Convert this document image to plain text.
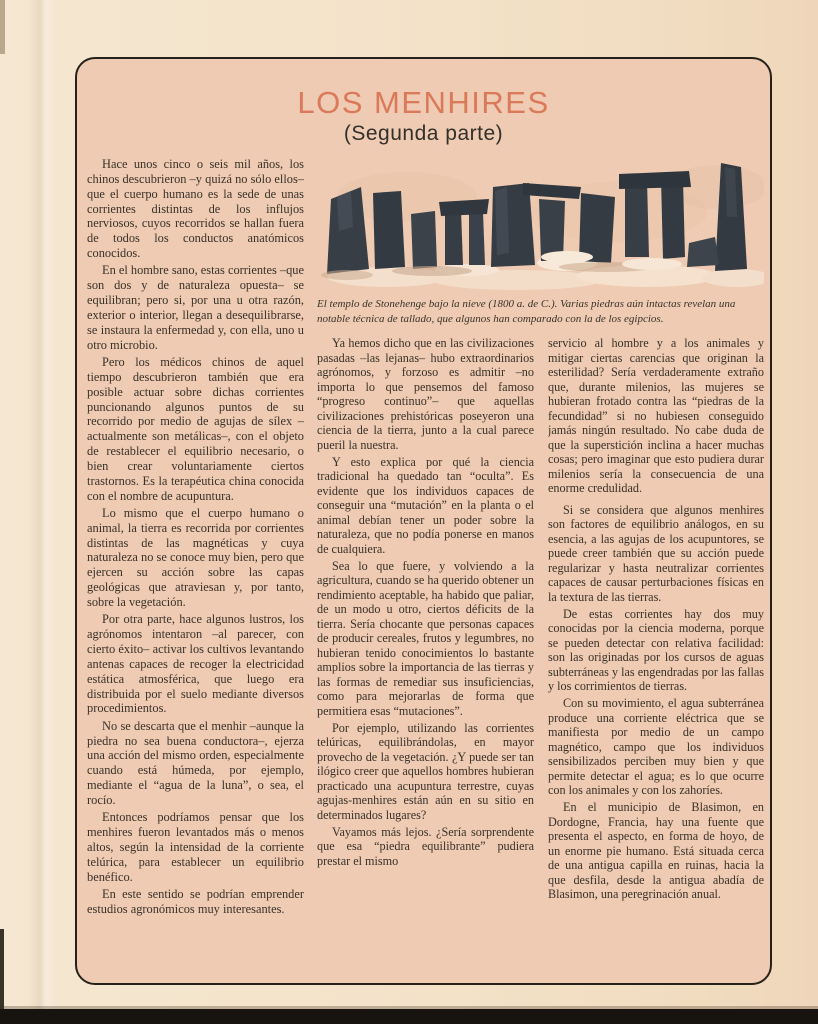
LOS MENHIRES
(Segunda parte)

Hace unos cinco o seis mil años, los chinos descubrieron –y quizá no sólo ellos– que el cuerpo humano es la sede de unas corrientes distintas de los influjos nerviosos, cuyos recorridos se hallan fuera de todos los conductos anatómicos conocidos.

En el hombre sano, estas corrientes –que son dos y de naturaleza opuesta– se equilibran; pero si, por una u otra razón, exterior o interior, llegan a desequilibrarse, se instaura la enfermedad y, con ella, uno u otro microbio.

Pero los médicos chinos de aquel tiempo descubrieron también que era posible actuar sobre dichas corrientes puncionando algunos puntos de su recorrido por medio de agujas de sílex –actualmente son metálicas–, con el objeto de restablecer el equilibrio necesario, o bien crear voluntariamente ciertos trastornos. Es la terapéutica china conocida con el nombre de acupuntura.

Lo mismo que el cuerpo humano o animal, la tierra es recorrida por corrientes distintas de las magnéticas y cuya naturaleza no se conoce muy bien, pero que ejercen su acción sobre las capas geológicas que atraviesan y, por tanto, sobre la vegetación.

Por otra parte, hace algunos lustros, los agrónomos intentaron –al parecer, con cierto éxito– activar los cultivos levantando antenas capaces de recoger la electricidad estática atmosférica, que luego era distribuida por el suelo mediante diversos procedimientos.

No se descarta que el menhir –aunque la piedra no sea buena conductora–, ejerza una acción del mismo orden, especialmente cuando está húmeda, por ejemplo, mediante el “agua de la luna”, o sea, el rocío.

Entonces podríamos pensar que los menhires fueron levantados más o menos altos, según la intensidad de la corriente telúrica, para establecer un equilibrio benéfico.

En este sentido se podrían emprender estudios agronómicos muy interesantes.

El templo de Stonehenge bajo la nieve (1800 a. de C.). Varias piedras aún intactas revelan una notable técnica de tallado, que algunos han comparado con la de los egipcios.

Ya hemos dicho que en las civilizaciones pasadas –las lejanas– hubo extraordinarios agrónomos, y forzoso es admitir –no importa lo que pensemos del famoso “progreso continuo”– que aquellas civilizaciones prehistóricas poseyeron una ciencia de la tierra, junto a la cual parece pueril la nuestra.

Y esto explica por qué la ciencia tradicional ha quedado tan “oculta”. Es evidente que los individuos capaces de conseguir una “mutación” en la planta o el animal debían tener un poder sobre la naturaleza, que no podía ponerse en manos de cualquiera.

Sea lo que fuere, y volviendo a la agricultura, cuando se ha querido obtener un rendimiento aceptable, ha habido que paliar, de un modo u otro, ciertos déficits de la tierra. Sería chocante que personas capaces de producir cereales, frutos y legumbres, no hubieran tenido conocimientos lo bastante amplios sobre la importancia de las tierras y las formas de remediar sus insuficiencias, como para mejorarlas de forma que permitiera esas “mutaciones”.

Por ejemplo, utilizando las corrientes telúricas, equilibrándolas, en mayor provecho de la vegetación. ¿Y puede ser tan ilógico creer que aquellos hombres hubieran practicado una acupuntura terrestre, cuyas agujas-menhires están aún en su sitio en determinados lugares?

Vayamos más lejos. ¿Sería sorprendente que esa “piedra equilibrante” pudiera prestar el mismo

servicio al hombre y a los animales y mitigar ciertas carencias que originan la esterilidad? Sería verdaderamente extraño que, durante milenios, las mujeres se hubieran frotado contra las “piedras de la fecundidad” si no hubiesen conseguido jamás ningún resultado. No cabe duda de que la superstición inclina a hacer muchas cosas; pero imaginar que esto pudiera durar milenios sería la consecuencia de una enorme credulidad.

Si se considera que algunos menhires son factores de equilibrio análogos, en su esencia, a las agujas de los acupuntores, se puede creer también que su acción puede regularizar y hasta neutralizar corrientes capaces de causar perturbaciones físicas en la textura de las tierras.

De estas corrientes hay dos muy conocidas por la ciencia moderna, porque se pueden detectar con relativa facilidad: son las originadas por los cursos de aguas subterráneas y las engendradas por las fallas y los corrimientos de tierras.

Con su movimiento, el agua subterránea produce una corriente eléctrica que se manifiesta por medio de un campo magnético, campo que los individuos sensibilizados perciben muy bien y que permite detectar el agua; es lo que ocurre con los animales y con los zahoríes.

En el municipio de Blasimon, en Dordogne, Francia, hay una fuente que presenta el aspecto, en forma de hoyo, de un enorme pie humano. Está situada cerca de una antigua capilla en ruinas, hacia la que desfila, desde la antigua abadía de Blasimon, una peregrinación anual.
